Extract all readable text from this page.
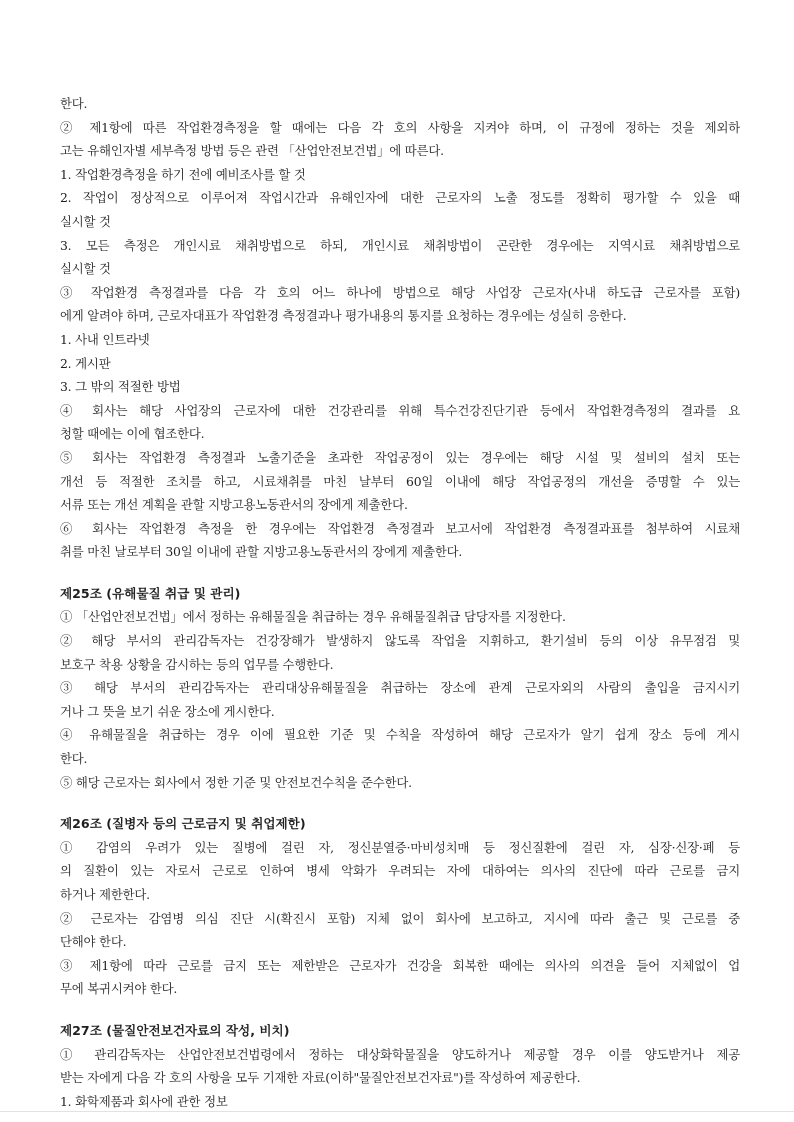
한다.
② 제1항에 따른 작업환경측정을 할 때에는 다음 각 호의 사항을 지켜야 하며, 이 규정에 정하는 것을 제외하
고는 유해인자별 세부측정 방법 등은 관련 「산업안전보건법」에 따른다.
1. 작업환경측정을 하기 전에 예비조사를 할 것
2. 작업이 정상적으로 이루어져 작업시간과 유해인자에 대한 근로자의 노출 정도를 정확히 평가할 수 있을 때
실시할 것
3. 모든 측정은 개인시료 채취방법으로 하되, 개인시료 채취방법이 곤란한 경우에는 지역시료 채취방법으로
실시할 것
③ 작업환경 측정결과를 다음 각 호의 어느 하나에 방법으로 해당 사업장 근로자(사내 하도급 근로자를 포함)
에게 알려야 하며, 근로자대표가 작업환경 측정결과나 평가내용의 통지를 요청하는 경우에는 성실히 응한다.
1. 사내 인트라넷
2. 게시판
3. 그 밖의 적절한 방법
④ 회사는 해당 사업장의 근로자에 대한 건강관리를 위해 특수건강진단기관 등에서 작업환경측정의 결과를 요
청할 때에는 이에 협조한다.
⑤ 회사는 작업환경 측정결과 노출기준을 초과한 작업공정이 있는 경우에는 해당 시설 및 설비의 설치 또는
개선 등 적절한 조치를 하고, 시료채취를 마친 날부터 60일 이내에 해당 작업공정의 개선을 증명할 수 있는
서류 또는 개선 계획을 관할 지방고용노동관서의 장에게 제출한다.
⑥ 회사는 작업환경 측정을 한 경우에는 작업환경 측정결과 보고서에 작업환경 측정결과표를 첨부하여 시료채
취를 마친 날로부터 30일 이내에 관할 지방고용노동관서의 장에게 제출한다.
제25조 (유해물질 취급 및 관리)
① 「산업안전보건법」에서 정하는 유해물질을 취급하는 경우 유해물질취급 담당자를 지정한다.
② 해당 부서의 관리감독자는 건강장해가 발생하지 않도록 작업을 지휘하고, 환기설비 등의 이상 유무점검 및
보호구 착용 상황을 감시하는 등의 업무를 수행한다.
③ 해당 부서의 관리감독자는 관리대상유해물질을 취급하는 장소에 관계 근로자외의 사람의 출입을 금지시키
거나 그 뜻을 보기 쉬운 장소에 게시한다.
④ 유해물질을 취급하는 경우 이에 필요한 기준 및 수칙을 작성하여 해당 근로자가 알기 쉽게 장소 등에 게시
한다.
⑤ 해당 근로자는 회사에서 정한 기준 및 안전보건수칙을 준수한다.
제26조 (질병자 등의 근로금지 및 취업제한)
① 감염의 우려가 있는 질병에 걸린 자, 정신분열증·마비성치매 등 정신질환에 걸린 자, 심장·신장·폐 등
의 질환이 있는 자로서 근로로 인하여 병세 악화가 우려되는 자에 대하여는 의사의 진단에 따라 근로를 금지
하거나 제한한다.
② 근로자는 감염병 의심 진단 시(확진시 포함) 지체 없이 회사에 보고하고, 지시에 따라 출근 및 근로를 중
단해야 한다.
③ 제1항에 따라 근로를 금지 또는 제한받은 근로자가 건강을 회복한 때에는 의사의 의견을 들어 지체없이 업
무에 복귀시켜야 한다.
제27조 (물질안전보건자료의 작성, 비치)
① 관리감독자는 산업안전보건법령에서 정하는 대상화학물질을 양도하거나 제공할 경우 이를 양도받거나 제공
받는 자에게 다음 각 호의 사항을 모두 기재한 자료(이하"물질안전보건자료")를 작성하여 제공한다.
1. 화학제품과 회사에 관한 정보
